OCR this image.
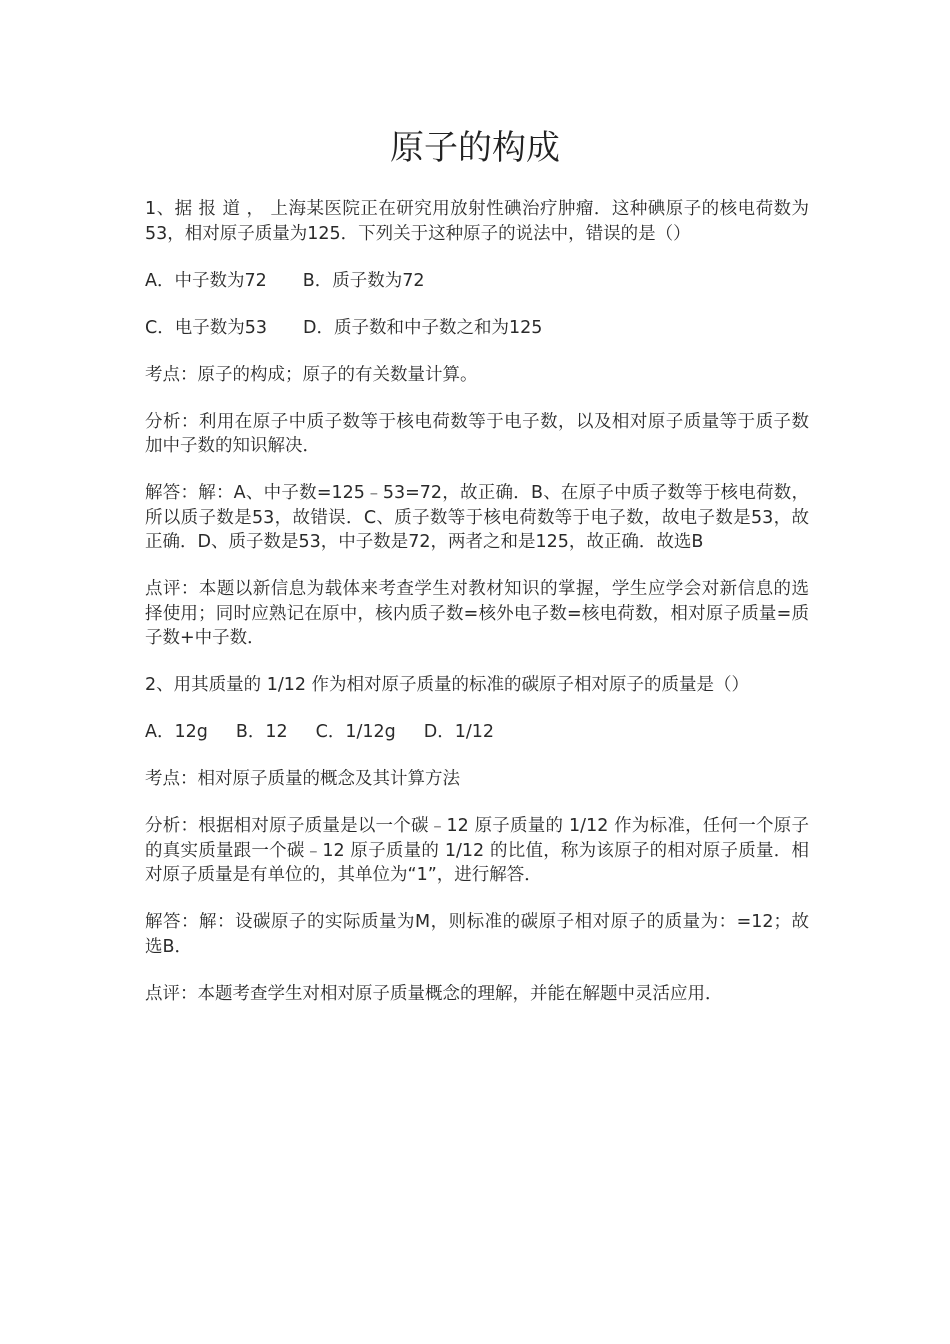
原子的构成

1、据 报 道 ， 上海某医院正在研究用放射性碘治疗肿瘤．这种碘原子的核电荷数为53，相对原子质量为125．下列关于这种原子的说法中，错误的是（）

A．中子数为72 B．质子数为72

C．电子数为53 D．质子数和中子数之和为125

考点：原子的构成；原子的有关数量计算。

分析：利用在原子中质子数等于核电荷数等于电子数，以及相对原子质量等于质子数加中子数的知识解决．

解答：解：A、中子数=125﹣53=72，故正确．B、在原子中质子数等于核电荷数，所以质子数是53，故错误．C、质子数等于核电荷数等于电子数，故电子数是53，故正确．D、质子数是53，中子数是72，两者之和是125，故正确．故选B

点评：本题以新信息为载体来考查学生对教材知识的掌握，学生应学会对新信息的选择使用；同时应熟记在原中，核内质子数=核外电子数=核电荷数，相对原子质量=质子数+中子数．

2、用其质量的 1/12 作为相对原子质量的标准的碳原子相对原子的质量是（）

A．12g B．12 C．1/12g D．1/12

考点：相对原子质量的概念及其计算方法

分析：根据相对原子质量是以一个碳﹣12 原子质量的 1/12 作为标准，任何一个原子的真实质量跟一个碳﹣12 原子质量的 1/12 的比值，称为该原子的相对原子质量．相对原子质量是有单位的，其单位为“1”，进行解答．

解答：解：设碳原子的实际质量为M，则标准的碳原子相对原子的质量为：=12；故选B．

点评：本题考查学生对相对原子质量概念的理解，并能在解题中灵活应用．
